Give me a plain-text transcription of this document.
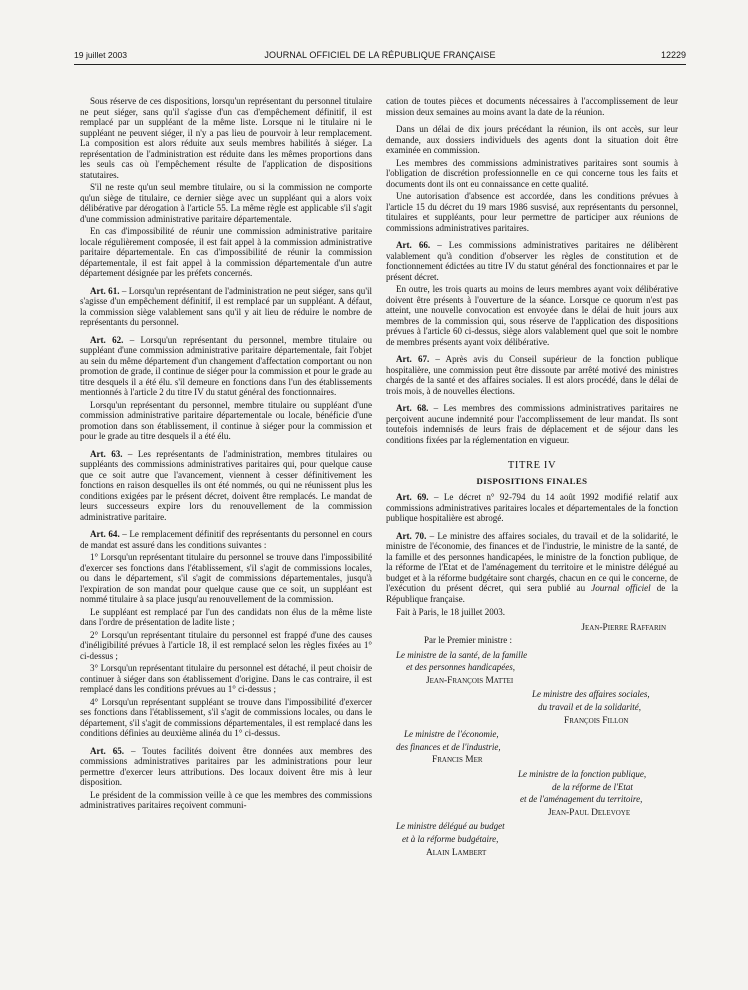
19 juillet 2003	JOURNAL OFFICIEL DE LA RÉPUBLIQUE FRANÇAISE	12229

Sous réserve de ces dispositions, lorsqu'un représentant du personnel titulaire ne peut siéger, sans qu'il s'agisse d'un cas d'empêchement définitif, il est remplacé par un suppléant de la même liste. Lorsque ni le titulaire ni le suppléant ne peuvent siéger, il n'y a pas lieu de pourvoir à leur remplacement. La composition est alors réduite aux seuls membres habilités à siéger. La représentation de l'administration est réduite dans les mêmes proportions dans les seuls cas où l'empêchement résulte de l'application de dispositions statutaires.

S'il ne reste qu'un seul membre titulaire, ou si la commission ne comporte qu'un siège de titulaire, ce dernier siège avec un suppléant qui a alors voix délibérative par dérogation à l'article 55. La même règle est applicable s'il s'agit d'une commission administrative paritaire départementale.

En cas d'impossibilité de réunir une commission administrative paritaire locale régulièrement composée, il est fait appel à la commission administrative paritaire départementale. En cas d'impossibilité de réunir la commission départementale, il est fait appel à la commission départementale d'un autre département désignée par les préfets concernés.

Art. 61. – Lorsqu'un représentant de l'administration ne peut siéger, sans qu'il s'agisse d'un empêchement définitif, il est remplacé par un suppléant. A défaut, la commission siège valablement sans qu'il y ait lieu de réduire le nombre de représentants du personnel.

Art. 62. – Lorsqu'un représentant du personnel, membre titulaire ou suppléant d'une commission administrative paritaire départementale, fait l'objet au sein du même département d'un changement d'affectation comportant ou non promotion de grade, il continue de siéger pour la commission et pour le grade au titre desquels il a été élu. s'il demeure en fonctions dans l'un des établissements mentionnés à l'article 2 du titre IV du statut général des fonctionnaires.

Lorsqu'un représentant du personnel, membre titulaire ou suppléant d'une commission administrative paritaire départementale ou locale, bénéficie d'une promotion dans son établissement, il continue à siéger pour la commission et pour le grade au titre desquels il a été élu.

Art. 63. – Les représentants de l'administration, membres titulaires ou suppléants des commissions administratives paritaires qui, pour quelque cause que ce soit autre que l'avancement, viennent à cesser définitivement les fonctions en raison desquelles ils ont été nommés, ou qui ne réunissent plus les conditions exigées par le présent décret, doivent être remplacés. Le mandat de leurs successeurs expire lors du renouvellement de la commission administrative paritaire.

Art. 64. – Le remplacement définitif des représentants du personnel en cours de mandat est assuré dans les conditions suivantes :

1° Lorsqu'un représentant titulaire du personnel se trouve dans l'impossibilité d'exercer ses fonctions dans l'établissement, s'il s'agit de commissions locales, ou dans le département, s'il s'agit de commissions départementales, jusqu'à l'expiration de son mandat pour quelque cause que ce soit, un suppléant est nommé titulaire à sa place jusqu'au renouvellement de la commission.

Le suppléant est remplacé par l'un des candidats non élus de la même liste dans l'ordre de présentation de ladite liste ;

2° Lorsqu'un représentant titulaire du personnel est frappé d'une des causes d'inéligibilité prévues à l'article 18, il est remplacé selon les règles fixées au 1° ci-dessus ;

3° Lorsqu'un représentant titulaire du personnel est détaché, il peut choisir de continuer à siéger dans son établissement d'origine. Dans le cas contraire, il est remplacé dans les conditions prévues au 1° ci-dessus ;

4° Lorsqu'un représentant suppléant se trouve dans l'impossibilité d'exercer ses fonctions dans l'établissement, s'il s'agit de commissions locales, ou dans le département, s'il s'agit de commissions départementales, il est remplacé dans les conditions définies au deuxième alinéa du 1° ci-dessus.

Art. 65. – Toutes facilités doivent être données aux membres des commissions administratives paritaires par les administrations pour leur permettre d'exercer leurs attributions. Des locaux doivent être mis à leur disposition.

Le président de la commission veille à ce que les membres des commissions administratives paritaires reçoivent communi-

cation de toutes pièces et documents nécessaires à l'accomplissement de leur mission deux semaines au moins avant la date de la réunion.

Dans un délai de dix jours précédant la réunion, ils ont accès, sur leur demande, aux dossiers individuels des agents dont la situation doit être examinée en commission.

Les membres des commissions administratives paritaires sont soumis à l'obligation de discrétion professionnelle en ce qui concerne tous les faits et documents dont ils ont eu connaissance en cette qualité.

Une autorisation d'absence est accordée, dans les conditions prévues à l'article 15 du décret du 19 mars 1986 susvisé, aux représentants du personnel, titulaires et suppléants, pour leur permettre de participer aux réunions de commissions administratives paritaires.

Art. 66. – Les commissions administratives paritaires ne délibèrent valablement qu'à condition d'observer les règles de constitution et de fonctionnement édictées au titre IV du statut général des fonctionnaires et par le présent décret.

En outre, les trois quarts au moins de leurs membres ayant voix délibérative doivent être présents à l'ouverture de la séance. Lorsque ce quorum n'est pas atteint, une nouvelle convocation est envoyée dans le délai de huit jours aux membres de la commission qui, sous réserve de l'application des dispositions prévues à l'article 60 ci-dessus, siège alors valablement quel que soit le nombre de membres présents ayant voix délibérative.

Art. 67. – Après avis du Conseil supérieur de la fonction publique hospitalière, une commission peut être dissoute par arrêté motivé des ministres chargés de la santé et des affaires sociales. Il est alors procédé, dans le délai de trois mois, à de nouvelles élections.

Art. 68. – Les membres des commissions administratives paritaires ne perçoivent aucune indemnité pour l'accomplissement de leur mandat. Ils sont toutefois indemnisés de leurs frais de déplacement et de séjour dans les conditions fixées par la réglementation en vigueur.

TITRE IV
DISPOSITIONS FINALES

Art. 69. – Le décret n° 92-794 du 14 août 1992 modifié relatif aux commissions administratives paritaires locales et départementales de la fonction publique hospitalière est abrogé.

Art. 70. – Le ministre des affaires sociales, du travail et de la solidarité, le ministre de l'économie, des finances et de l'industrie, le ministre de la santé, de la famille et des personnes handicapées, le ministre de la fonction publique, de la réforme de l'Etat et de l'aménagement du territoire et le ministre délégué au budget et à la réforme budgétaire sont chargés, chacun en ce qui le concerne, de l'exécution du présent décret, qui sera publié au Journal officiel de la République française.

Fait à Paris, le 18 juillet 2003.

Jean-Pierre Raffarin

Par le Premier ministre :

Le ministre de la santé, de la famille

et des personnes handicapées,

Jean-François Mattei

Le ministre des affaires sociales,

du travail et de la solidarité,

François Fillon

Le ministre de l'économie,

des finances et de l'industrie,

Francis Mer

Le ministre de la fonction publique,

de la réforme de l'Etat

et de l'aménagement du territoire,

Jean-Paul Delevoye

Le ministre délégué au budget

et à la réforme budgétaire,

Alain Lambert
